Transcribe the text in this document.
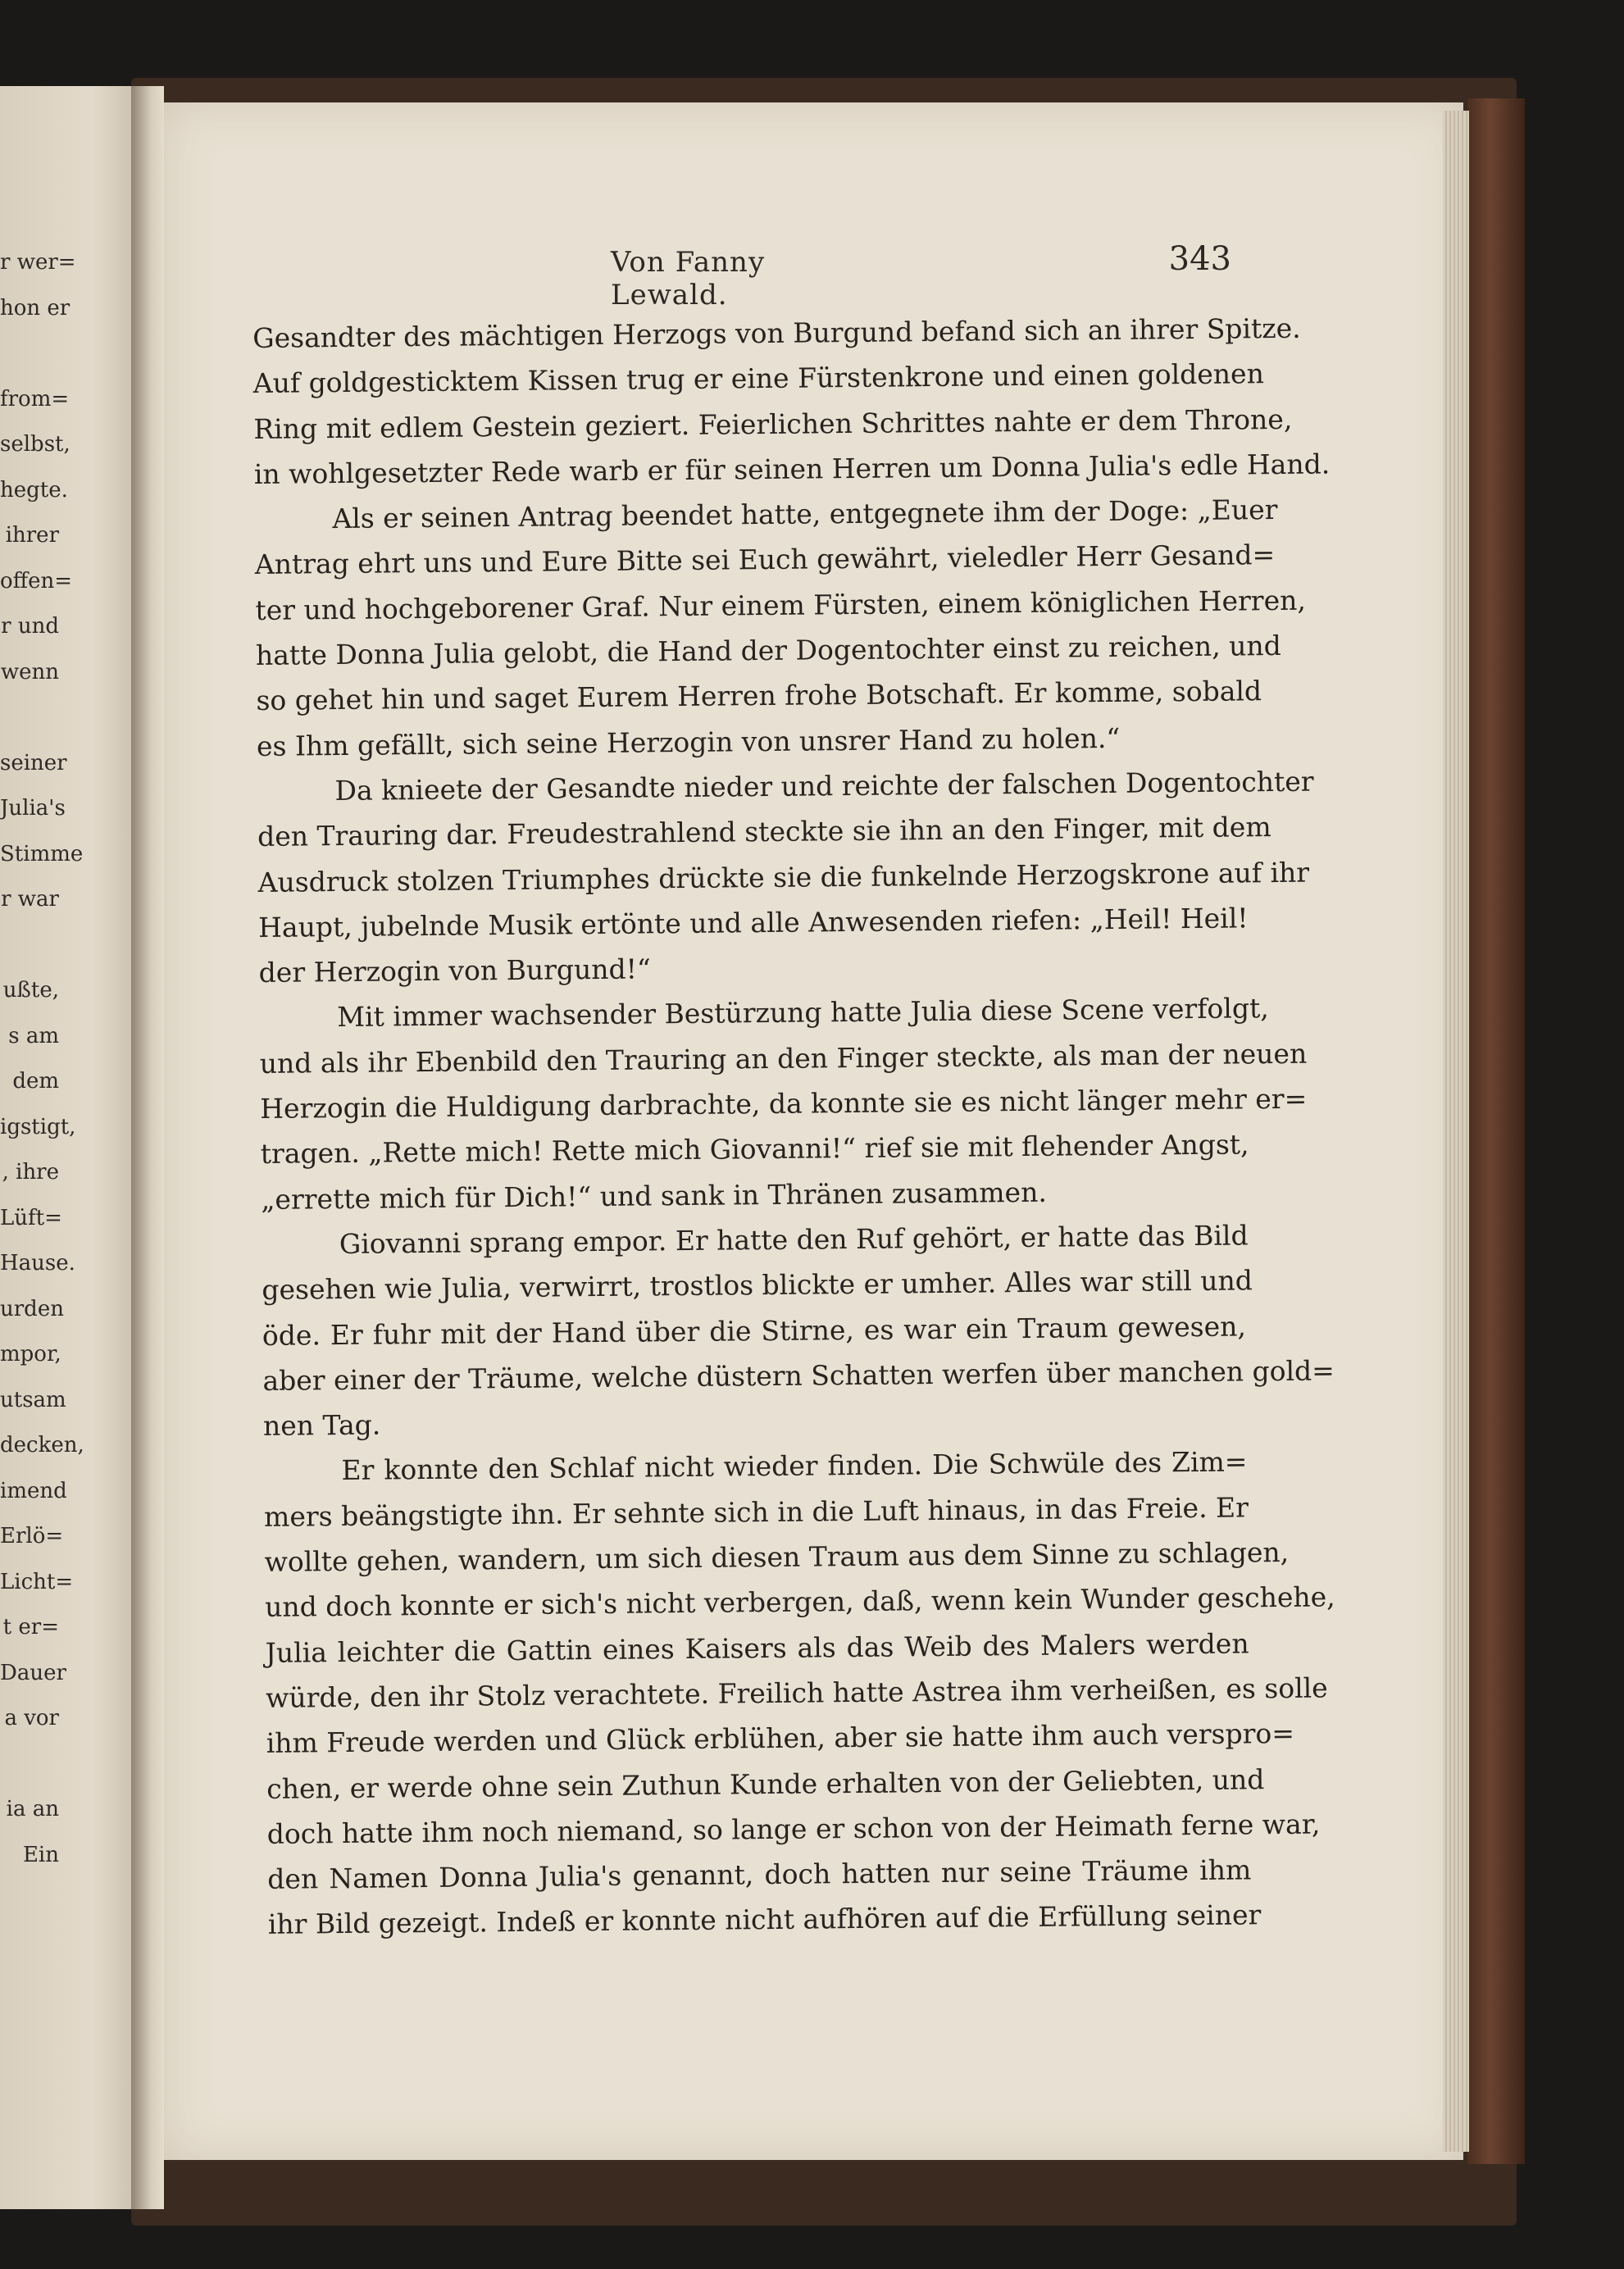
r wer=
hon er
from=
selbst,
hegte.
ihrer
offen=
r und
wenn
seiner
Julia's
Stimme
r war
ußte,
s am
dem
igstigt,
, ihre
Lüft=
Hause.
urden
mpor,
utsam
decken,
imend
Erlö=
Licht=
t er=
Dauer
a vor
ia an
Ein
Von Fanny Lewald.
343
Gesandter des mächtigen Herzogs von Burgund befand sich an ihrer Spitze.
Auf goldgesticktem Kissen trug er eine Fürstenkrone und einen goldenen
Ring mit edlem Gestein geziert. Feierlichen Schrittes nahte er dem Throne,
in wohlgesetzter Rede warb er für seinen Herren um Donna Julia's edle Hand.
Als er seinen Antrag beendet hatte, entgegnete ihm der Doge: „Euer
Antrag ehrt uns und Eure Bitte sei Euch gewährt, vieledler Herr Gesand=
ter und hochgeborener Graf. Nur einem Fürsten, einem königlichen Herren,
hatte Donna Julia gelobt, die Hand der Dogentochter einst zu reichen, und
so gehet hin und saget Eurem Herren frohe Botschaft. Er komme, sobald
es Ihm gefällt, sich seine Herzogin von unsrer Hand zu holen.“
Da knieete der Gesandte nieder und reichte der falschen Dogentochter
den Trauring dar. Freudestrahlend steckte sie ihn an den Finger, mit dem
Ausdruck stolzen Triumphes drückte sie die funkelnde Herzogskrone auf ihr
Haupt, jubelnde Musik ertönte und alle Anwesenden riefen: „Heil! Heil!
der Herzogin von Burgund!“
Mit immer wachsender Bestürzung hatte Julia diese Scene verfolgt,
und als ihr Ebenbild den Trauring an den Finger steckte, als man der neuen
Herzogin die Huldigung darbrachte, da konnte sie es nicht länger mehr er=
tragen. „Rette mich! Rette mich Giovanni!“ rief sie mit flehender Angst,
„errette mich für Dich!“ und sank in Thränen zusammen.
Giovanni sprang empor. Er hatte den Ruf gehört, er hatte das Bild
gesehen wie Julia, verwirrt, trostlos blickte er umher. Alles war still und
öde. Er fuhr mit der Hand über die Stirne, es war ein Traum gewesen,
aber einer der Träume, welche düstern Schatten werfen über manchen gold=
nen Tag.
Er konnte den Schlaf nicht wieder finden. Die Schwüle des Zim=
mers beängstigte ihn. Er sehnte sich in die Luft hinaus, in das Freie. Er
wollte gehen, wandern, um sich diesen Traum aus dem Sinne zu schlagen,
und doch konnte er sich's nicht verbergen, daß, wenn kein Wunder geschehe,
Julia leichter die Gattin eines Kaisers als das Weib des Malers werden
würde, den ihr Stolz verachtete. Freilich hatte Astrea ihm verheißen, es solle
ihm Freude werden und Glück erblühen, aber sie hatte ihm auch verspro=
chen, er werde ohne sein Zuthun Kunde erhalten von der Geliebten, und
doch hatte ihm noch niemand, so lange er schon von der Heimath ferne war,
den Namen Donna Julia's genannt, doch hatten nur seine Träume ihm
ihr Bild gezeigt. Indeß er konnte nicht aufhören auf die Erfüllung seiner
